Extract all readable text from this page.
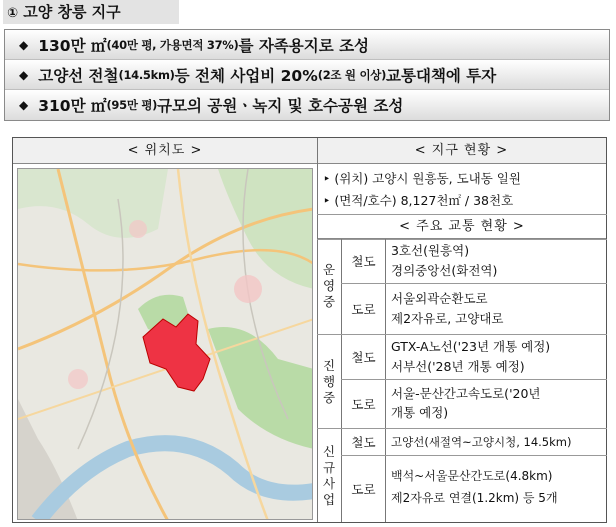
① 고양 창릉 지구
◆ 130만 ㎡ (40만 평, 가용면적 37%) 를 자족용지로 조성
◆ 고양선 전철 (14.5km) 등 전체 사업비 20% (2조 원 이상) 교통대책에 투자
◆ 310만 ㎡ (95만 평) 규모의 공원ㆍ녹지 및 호수공원 조성
< 위치도 >	< 지구 현황 >
‣ (위치) 고양시 원흥동, 도내동 일원
‣ (면적/호수) 8,127천㎡ / 38천호
< 주요 교통 현황 >
운
영
중
철도
3호선(원흥역)
경의중앙선(화전역)
도로
서울외곽순환도로
제2자유로, 고양대로
진
행
중
철도
GTX-A노선('23년 개통 예정)
서부선('28년 개통 예정)
도로
서울-문산간고속도로('20년
개통 예정)
신
규
사
업
철도	고양선(새절역~고양시청, 14.5km)
도로
백석~서울문산간도로(4.8km)
제2자유로 연결(1.2km) 등 5개
